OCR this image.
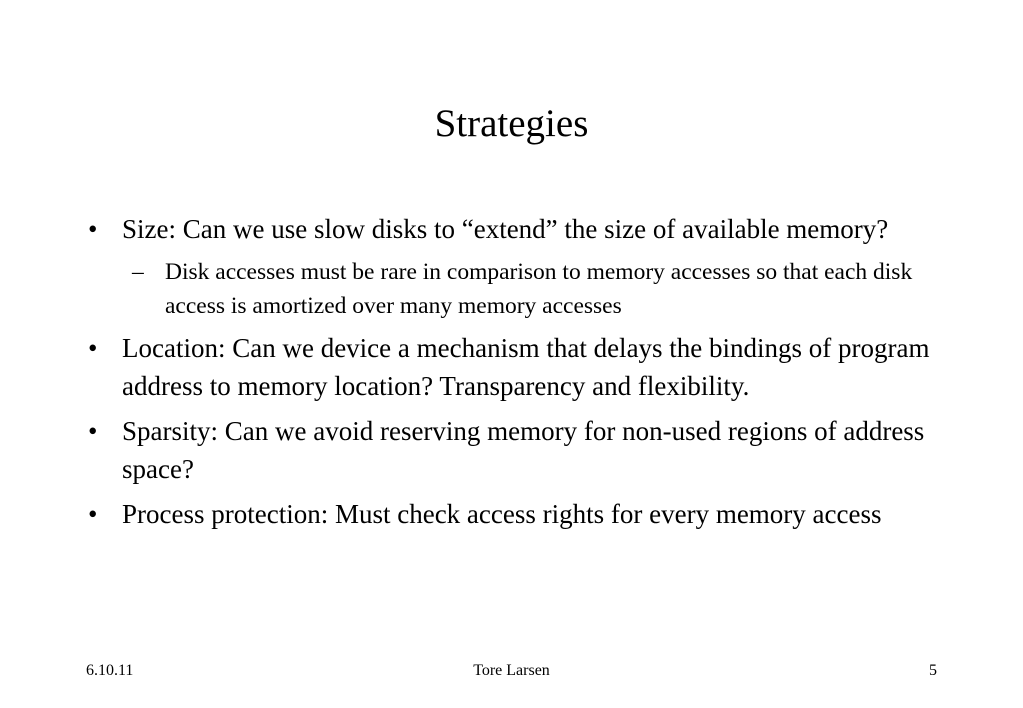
Strategies
• Size: Can we use slow disks to “extend” the size of available memory?
– Disk accesses must be rare in comparison to memory accesses so that each disk access is amortized over many memory accesses
• Location: Can we device a mechanism that delays the bindings of program address to memory location? Transparency and flexibility.
• Sparsity: Can we avoid reserving memory for non-used regions of address space?
• Process protection: Must check access rights for every memory access
6.10.11	Tore Larsen	5
